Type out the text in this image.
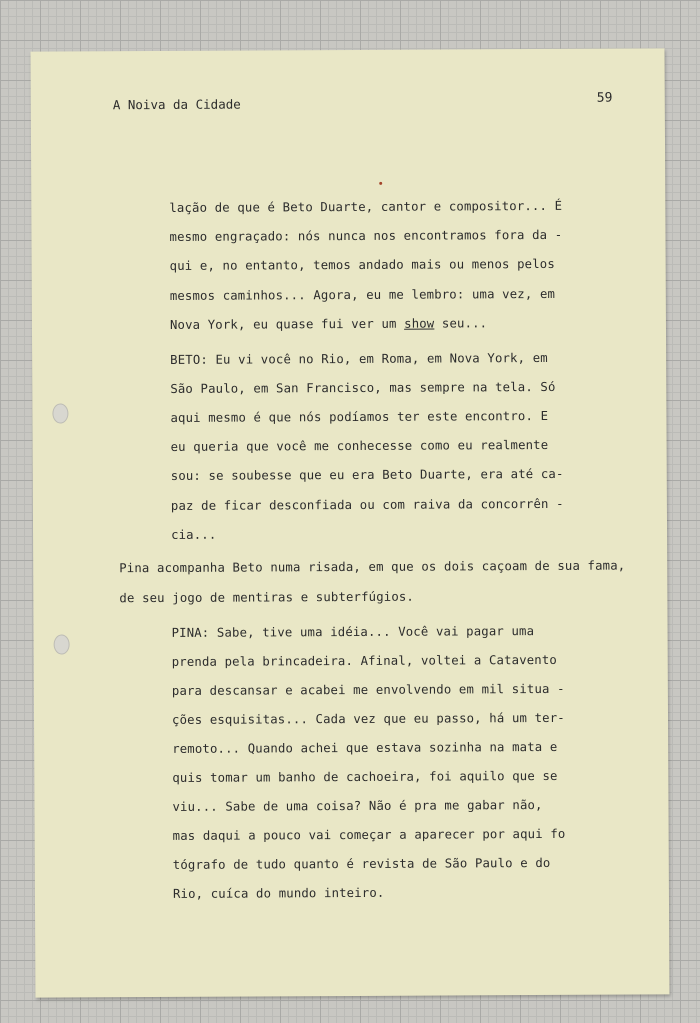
A Noiva da Cidade	59
lação de que é Beto Duarte, cantor e compositor... É
mesmo engraçado: nós nunca nos encontramos fora da -
qui e, no entanto, temos andado mais ou menos pelos
mesmos caminhos... Agora, eu me lembro: uma vez, em
Nova York, eu quase fui ver um show seu...
BETO: Eu vi você no Rio, em Roma, em Nova York, em
São Paulo, em San Francisco, mas sempre na tela. Só
aqui mesmo é que nós podíamos ter este encontro. E
eu queria que você me conhecesse como eu realmente
sou: se soubesse que eu era Beto Duarte, era até ca-
paz de ficar desconfiada ou com raiva da concorrên -
cia...
Pina acompanha Beto numa risada, em que os dois caçoam de sua fama,
de seu jogo de mentiras e subterfúgios.
PINA: Sabe, tive uma idéia... Você vai pagar uma
prenda pela brincadeira. Afinal, voltei a Catavento
para descansar e acabei me envolvendo em mil situa -
ções esquisitas... Cada vez que eu passo, há um ter-
remoto... Quando achei que estava sozinha na mata e
quis tomar um banho de cachoeira, foi aquilo que se
viu... Sabe de uma coisa? Não é pra me gabar não,
mas daqui a pouco vai começar a aparecer por aqui fo
tógrafo de tudo quanto é revista de São Paulo e do
Rio, cuíca do mundo inteiro.
